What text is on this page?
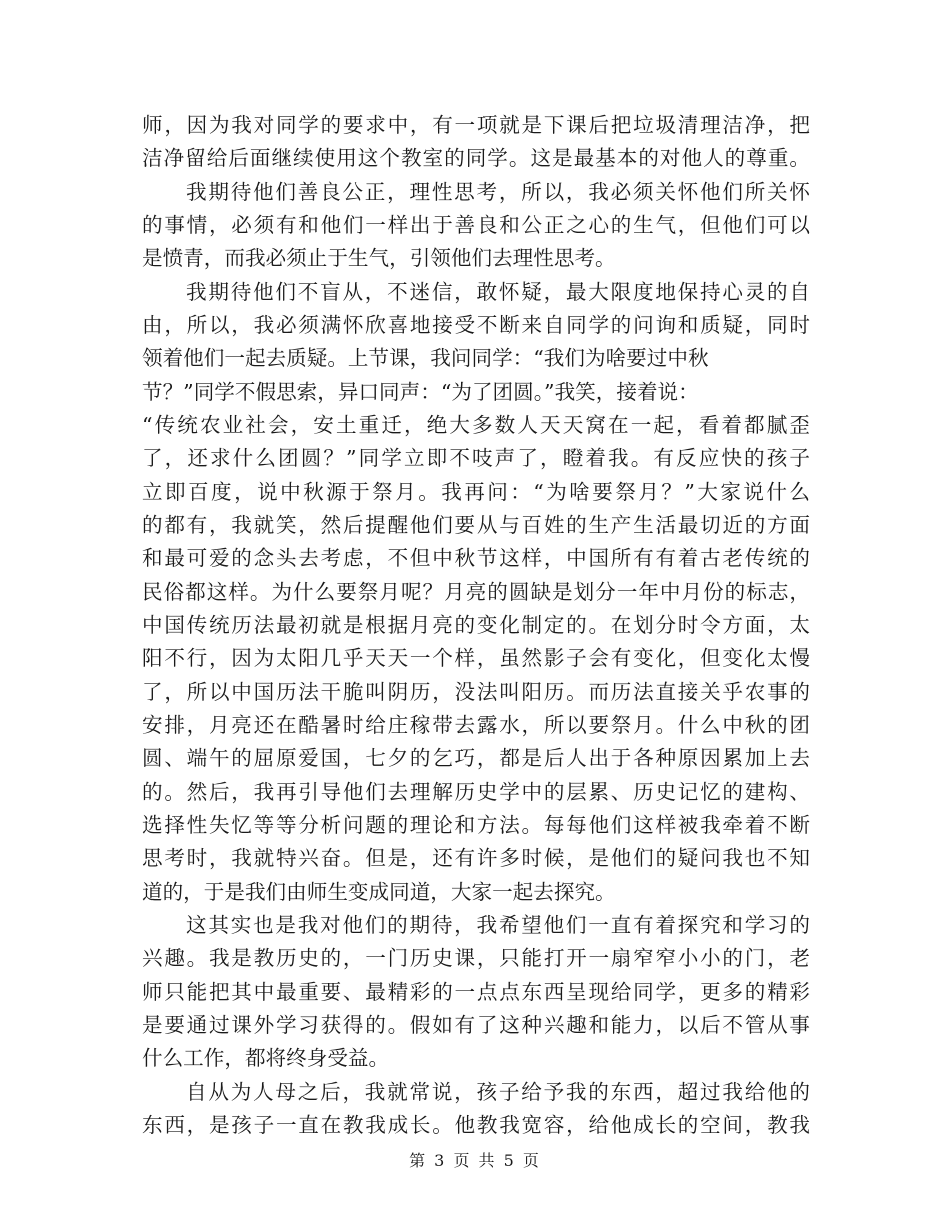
师，因为我对同学的要求中，有一项就是下课后把垃圾清理洁净，把
洁净留给后面继续使用这个教室的同学。这是最基本的对他人的尊重。
我期待他们善良公正，理性思考，所以，我必须关怀他们所关怀
的事情，必须有和他们一样出于善良和公正之心的生气，但他们可以
是愤青，而我必须止于生气，引领他们去理性思考。
我期待他们不盲从，不迷信，敢怀疑，最大限度地保持心灵的自
由，所以，我必须满怀欣喜地接受不断来自同学的问询和质疑，同时
领着他们一起去质疑。上节课，我问同学：“我们为啥要过中秋
节？”同学不假思索，异口同声：“为了团圆。”我笑，接着说：
“传统农业社会，安土重迁，绝大多数人天天窝在一起，看着都腻歪
了，还求什么团圆？”同学立即不吱声了，瞪着我。有反应快的孩子
立即百度，说中秋源于祭月。我再问：“为啥要祭月？”大家说什么
的都有，我就笑，然后提醒他们要从与百姓的生产生活最切近的方面
和最可爱的念头去考虑，不但中秋节这样，中国所有有着古老传统的
民俗都这样。为什么要祭月呢？月亮的圆缺是划分一年中月份的标志，
中国传统历法最初就是根据月亮的变化制定的。在划分时令方面，太
阳不行，因为太阳几乎天天一个样，虽然影子会有变化，但变化太慢
了，所以中国历法干脆叫阴历，没法叫阳历。而历法直接关乎农事的
安排，月亮还在酷暑时给庄稼带去露水，所以要祭月。什么中秋的团
圆、端午的屈原爱国，七夕的乞巧，都是后人出于各种原因累加上去
的。然后，我再引导他们去理解历史学中的层累、历史记忆的建构、
选择性失忆等等分析问题的理论和方法。每每他们这样被我牵着不断
思考时，我就特兴奋。但是，还有许多时候，是他们的疑问我也不知
道的，于是我们由师生变成同道，大家一起去探究。
这其实也是我对他们的期待，我希望他们一直有着探究和学习的
兴趣。我是教历史的，一门历史课，只能打开一扇窄窄小小的门，老
师只能把其中最重要、最精彩的一点点东西呈现给同学，更多的精彩
是要通过课外学习获得的。假如有了这种兴趣和能力，以后不管从事
什么工作，都将终身受益。
自从为人母之后，我就常说，孩子给予我的东西，超过我给他的
东西，是孩子一直在教我成长。他教我宽容，给他成长的空间，教我
第 3 页 共 5 页
